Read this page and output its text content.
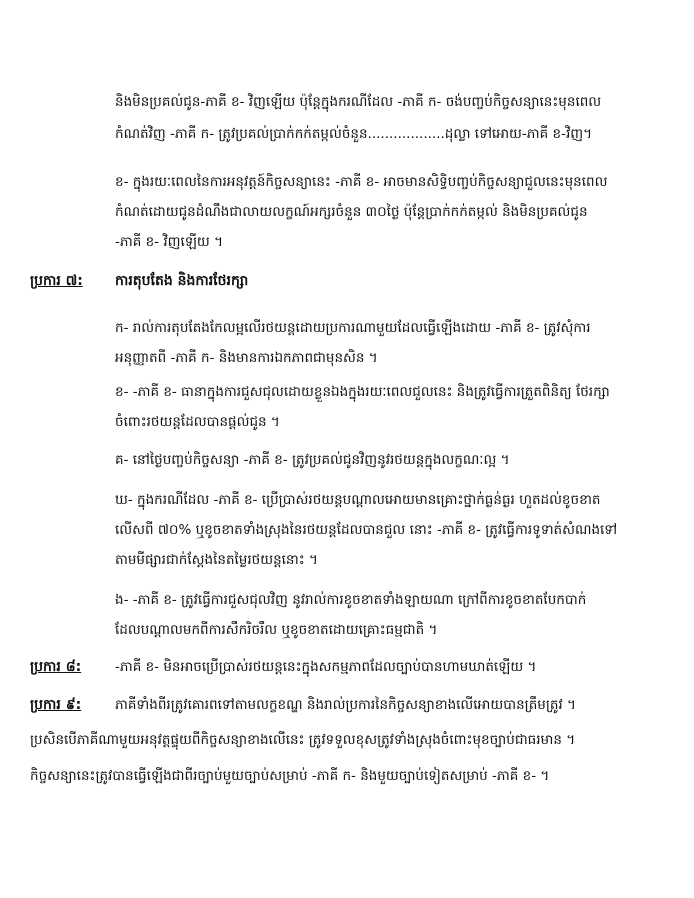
និងមិនប្រគល់ជូន-ភាគី ខ- វិញឡើយ ប៉ុន្តែក្នុងករណីដែល -ភាគី ក- ចង់បញ្ចប់កិច្ចសន្យានេះមុនពេល
កំណត់វិញ -ភាគី ក- ត្រូវប្រគល់ប្រាក់កក់តម្កល់ចំនួន..................ដុល្លា ទៅអោយ-ភាគី ខ-វិញ។
ខ- ក្នុងរយៈពេលនៃការអនុវត្តន៍កិច្ចសន្យានេះ -ភាគី ខ- អាចមានសិទ្ធិបញ្ចប់កិច្ចសន្យាជួលនេះមុនពេល
កំណត់ដោយជូនដំណឹងជាលាយលក្ខណ៍អក្សរចំនួន ៣០ថ្ងៃ ប៉ុន្តែប្រាក់កក់តម្កល់ និងមិនប្រគល់ជូន
-ភាគី ខ- វិញឡើយ ។
ប្រការ ៧: ការតុបតែង និងការថែរក្សា
ក- រាល់ការតុបតែងកែលម្អលើរថយន្តដោយប្រការណាមួយដែលធ្វើឡើងដោយ -ភាគី ខ- ត្រូវសុំការ
អនុញ្ញាតពី -ភាគី ក- និងមានការឯកភាពជាមុនសិន ។
ខ- -ភាគី ខ- ធានាក្នុងការជួសជុលដោយខ្លួនឯងក្នុងរយៈពេលជួលនេះ និងត្រូវធ្វើការត្រួតពិនិត្យ ថែរក្សា
ចំពោះរថយន្តដែលបានផ្តល់ជូន ។
គ- នៅថ្ងៃបញ្ចប់កិច្ចសន្យា -ភាគី ខ- ត្រូវប្រគល់ជូនវិញនូវរថយន្តក្នុងលក្ខណៈល្អ ។
ឃ- ក្នុងករណីដែល -ភាគី ខ- ប្រើប្រាស់រថយន្តបណ្តាលអោយមានគ្រោះថ្នាក់ធ្ងន់ធ្ងរ ហួតដល់ខូចខាត
លើសពី ៧០% ឬខូចខាតទាំងស្រុងនៃរថយន្តដែលបានជួល នោះ -ភាគី ខ- ត្រូវធ្វើការទូទាត់សំណងទៅ
តាមមីផ្សារជាក់ស្តែងនៃតម្លៃរថយន្តនោះ ។
ង- -ភាគី ខ- ត្រូវធ្វើការជួសជុលវិញ នូវរាល់ការខូចខាតទាំងឡាយណា ក្រៅពីការខូចខាតបែកបាក់
ដែលបណ្តាលមកពីការសឹករិចរឹល ឬខូចខាតដោយគ្រោះធម្មជាតិ ។
ប្រការ ៨:	-ភាគី ខ- មិនអាចប្រើប្រាស់រថយន្តនេះក្នុងសកម្មភាពដែលច្បាប់បានហាមឃាត់ឡើយ ។
ប្រការ ៩:	ភាគីទាំងពីរត្រូវគោរពទៅតាមលក្ខខណ្ឌ និងរាល់ប្រការនៃកិច្ចសន្យាខាងលើអោយបានត្រឹមត្រូវ ។
ប្រសិនបើភាគីណាមួយអនុវត្តផ្ទុយពីកិច្ចសន្យាខាងលើនេះ ត្រូវទទួលខុសត្រូវទាំងស្រុងចំពោះមុខច្បាប់ជាធរមាន ។
កិច្ចសន្យានេះត្រូវបានធ្វើឡើងជាពីរច្បាប់មួយច្បាប់សម្រាប់ -ភាគី ក- និងមួយច្បាប់ទៀតសម្រាប់ -ភាគី ខ- ។
